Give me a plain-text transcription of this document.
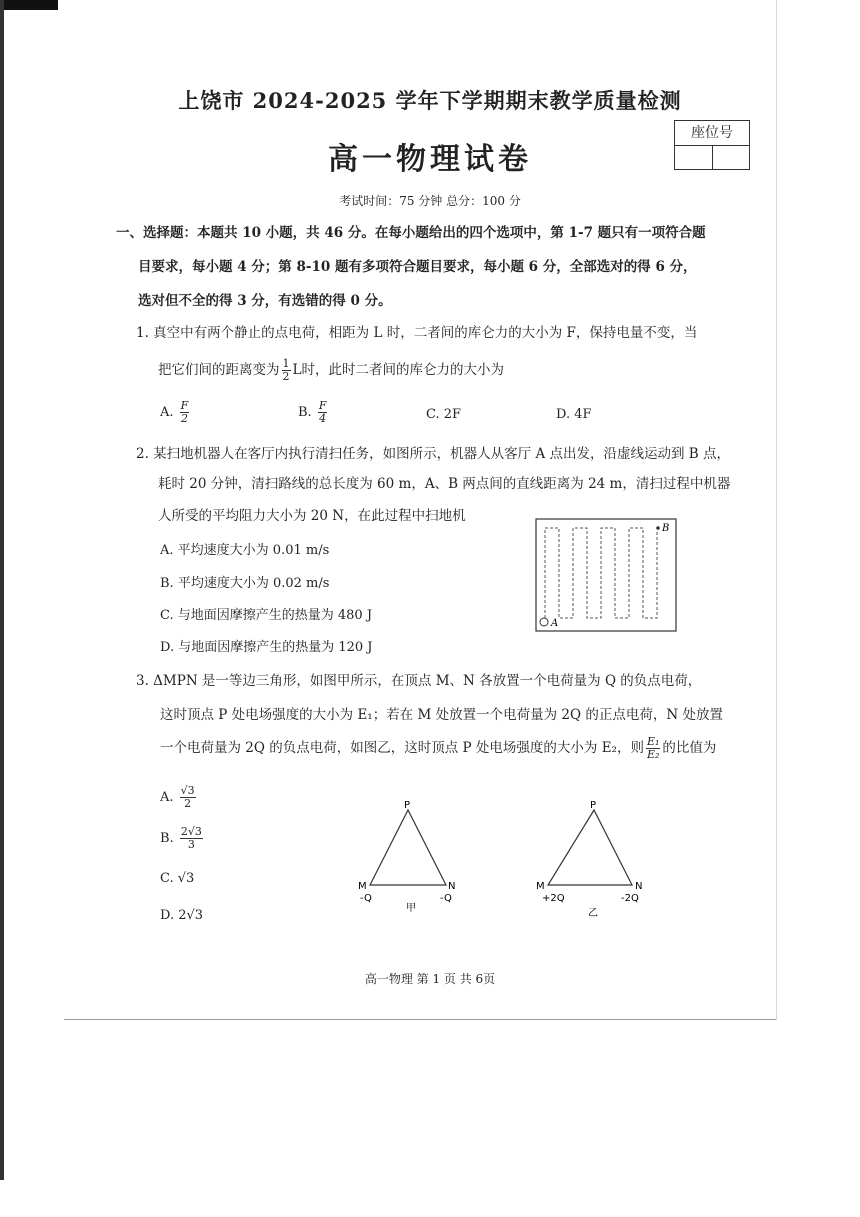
上饶市 2024-2025 学年下学期期末教学质量检测
高一物理试卷
座位号
考试时间：75 分钟 总分：100 分
一、选择题：本题共 10 小题，共 46 分。在每小题给出的四个选项中，第 1-7 题只有一项符合题
目要求，每小题 4 分；第 8-10 题有多项符合题目要求，每小题 6 分，全部选对的得 6 分，
选对但不全的得 3 分，有选错的得 0 分。
1. 真空中有两个静止的点电荷，相距为 L 时，二者间的库仑力的大小为 F，保持电量不变，当
把它们间的距离变为 $\frac{1}{2}$ L时，此时二者间的库仑力的大小为
A. $\frac{F}{2}$	B. $\frac{F}{4}$	C. 2F	D. 4F
2. 某扫地机器人在客厅内执行清扫任务，如图所示，机器人从客厅 A 点出发，沿虚线运动到 B 点，
耗时 20 分钟，清扫路线的总长度为 60 m，A、B 两点间的直线距离为 24 m，清扫过程中机器
人所受的平均阻力大小为 20 N，在此过程中扫地机
A. 平均速度大小为 0.01 m/s
B. 平均速度大小为 0.02 m/s
C. 与地面因摩擦产生的热量为 480 J
D. 与地面因摩擦产生的热量为 120 J
A
B
3. ΔMPN 是一等边三角形，如图甲所示，在顶点 M、N 各放置一个电荷量为 Q 的负点电荷，
这时顶点 P 处电场强度的大小为 E₁；若在 M 处放置一个电荷量为 2Q 的正点电荷，N 处放置
一个电荷量为 2Q 的负点电荷，如图乙，这时顶点 P 处电场强度的大小为 E₂，则 $\frac{\text{E₁}}{\text{E₂}}$ 的比值为
A. $\frac{√3}{2}$
B. $\frac{2√3}{3}$
C. √3
D. 2√3
P
M	N
-Q	-Q
甲
P
M	N
+2Q	-2Q
乙
高一物理 第 1 页 共 6页
